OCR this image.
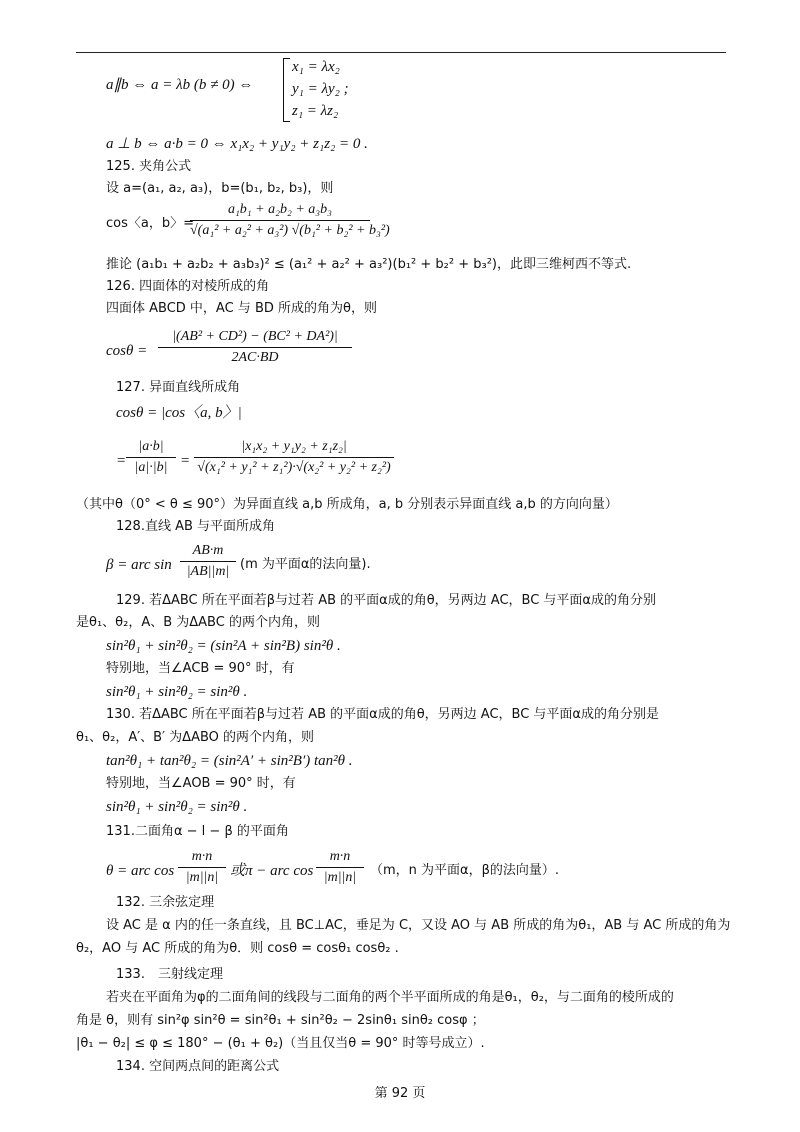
a∥b ⇔ a = λb (b ≠ 0) ⇔
x₁ = λx₂
y₁ = λy₂ ;
z₁ = λz₂
a ⊥ b ⇔ a·b = 0 ⇔ x₁x₂ + y₁y₂ + z₁z₂ = 0 .
125. 夹角公式
设 a=(a₁, a₂, a₃)，b=(b₁, b₂, b₃)，则
cos〈a，b〉=
a₁b₁ + a₂b₂ + a₃b₃
√(a₁² + a₂² + a₃²) √(b₁² + b₂² + b₃²)
推论 (a₁b₁ + a₂b₂ + a₃b₃)² ≤ (a₁² + a₂² + a₃²)(b₁² + b₂² + b₃²)，此即三维柯西不等式.
126. 四面体的对棱所成的角
四面体 ABCD 中，AC 与 BD 所成的角为θ，则
cosθ =
|(AB² + CD²) − (BC² + DA²)|
2AC·BD
127. 异面直线所成角
cosθ = |cos〈a, b〉|
=
|a·b|
|a|·|b| =
|x₁x₂ + y₁y₂ + z₁z₂|
√(x₁² + y₁² + z₁²)·√(x₂² + y₂² + z₂²)
（其中θ（0° < θ ≤ 90°）为异面直线 a,b 所成角，a, b 分别表示异面直线 a,b 的方向向量）
128.直线 AB 与平面所成角
β = arc sin
AB·m
|AB||m| (m 为平面α的法向量).
129. 若ΔABC 所在平面若β与过若 AB 的平面α成的角θ，另两边 AC，BC 与平面α成的角分别
是θ₁、θ₂，A、B 为ΔABC 的两个内角，则
sin²θ₁ + sin²θ₂ = (sin²A + sin²B) sin²θ .
特别地，当∠ACB = 90° 时，有
sin²θ₁ + sin²θ₂ = sin²θ .
130. 若ΔABC 所在平面若β与过若 AB 的平面α成的角θ，另两边 AC，BC 与平面α成的角分别是
θ₁、θ₂，A′、B′ 为ΔABO 的两个内角，则
tan²θ₁ + tan²θ₂ = (sin²A′ + sin²B′) tan²θ .
特别地，当∠AOB = 90° 时，有
sin²θ₁ + sin²θ₂ = sin²θ .
131.二面角α − l − β 的平面角
θ = arc cos
m·n
|m||n| 或π − arc cos
m·n
|m||n|	（m，n 为平面α，β的法向量）.
132. 三余弦定理
设 AC 是 α 内的任一条直线，且 BC⊥AC，垂足为 C，又设 AO 与 AB 所成的角为θ₁，AB 与 AC 所成的角为
θ₂，AO 与 AC 所成的角为θ．则 cosθ = cosθ₁ cosθ₂ .
133.　三射线定理
若夹在平面角为φ的二面角间的线段与二面角的两个半平面所成的角是θ₁，θ₂，与二面角的棱所成的
角是 θ，则有 sin²φ sin²θ = sin²θ₁ + sin²θ₂ − 2sinθ₁ sinθ₂ cosφ ；
|θ₁ − θ₂| ≤ φ ≤ 180° − (θ₁ + θ₂)（当且仅当θ = 90° 时等号成立）.
134. 空间两点间的距离公式
第 92 页
